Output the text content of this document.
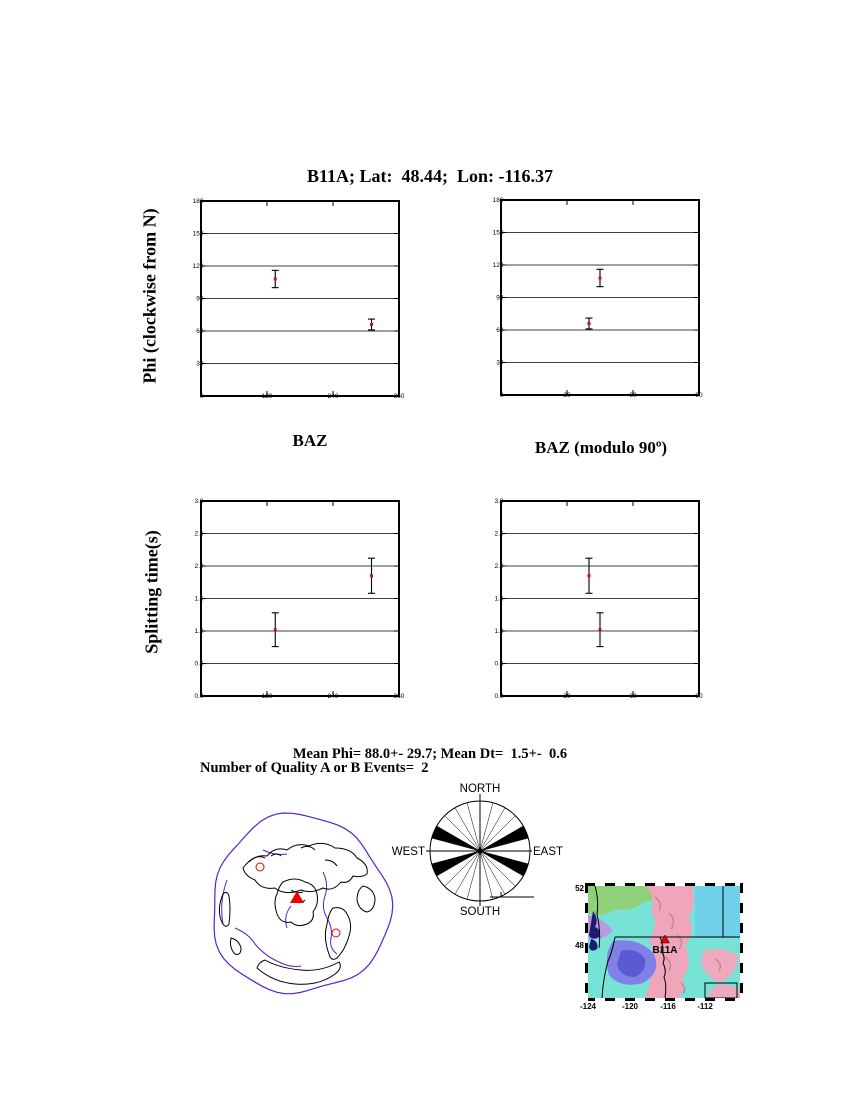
B11A; Lat:  48.44;  Lon: -116.37
120	240	360
0
30
60
90
120
150
180
30	60	90
0
30
60
90
120
150
180
120	240	360
0.0
0.5
1.0
1.5
2.0
2.5
3.0
30	60	90
0.0
0.5
1.0
1.5
2.0
2.5
3.0
Phi (clockwise from N)
Splitting time(s)
BAZ	BAZ (modulo 90º)
Mean Phi= 88.0+- 29.7; Mean Dt=  1.5+-  0.6
Number of Quality A or B Events=  2
NORTH
SOUTH
EAST
WEST
B11A
52
48
-124	-120	-116	-112
